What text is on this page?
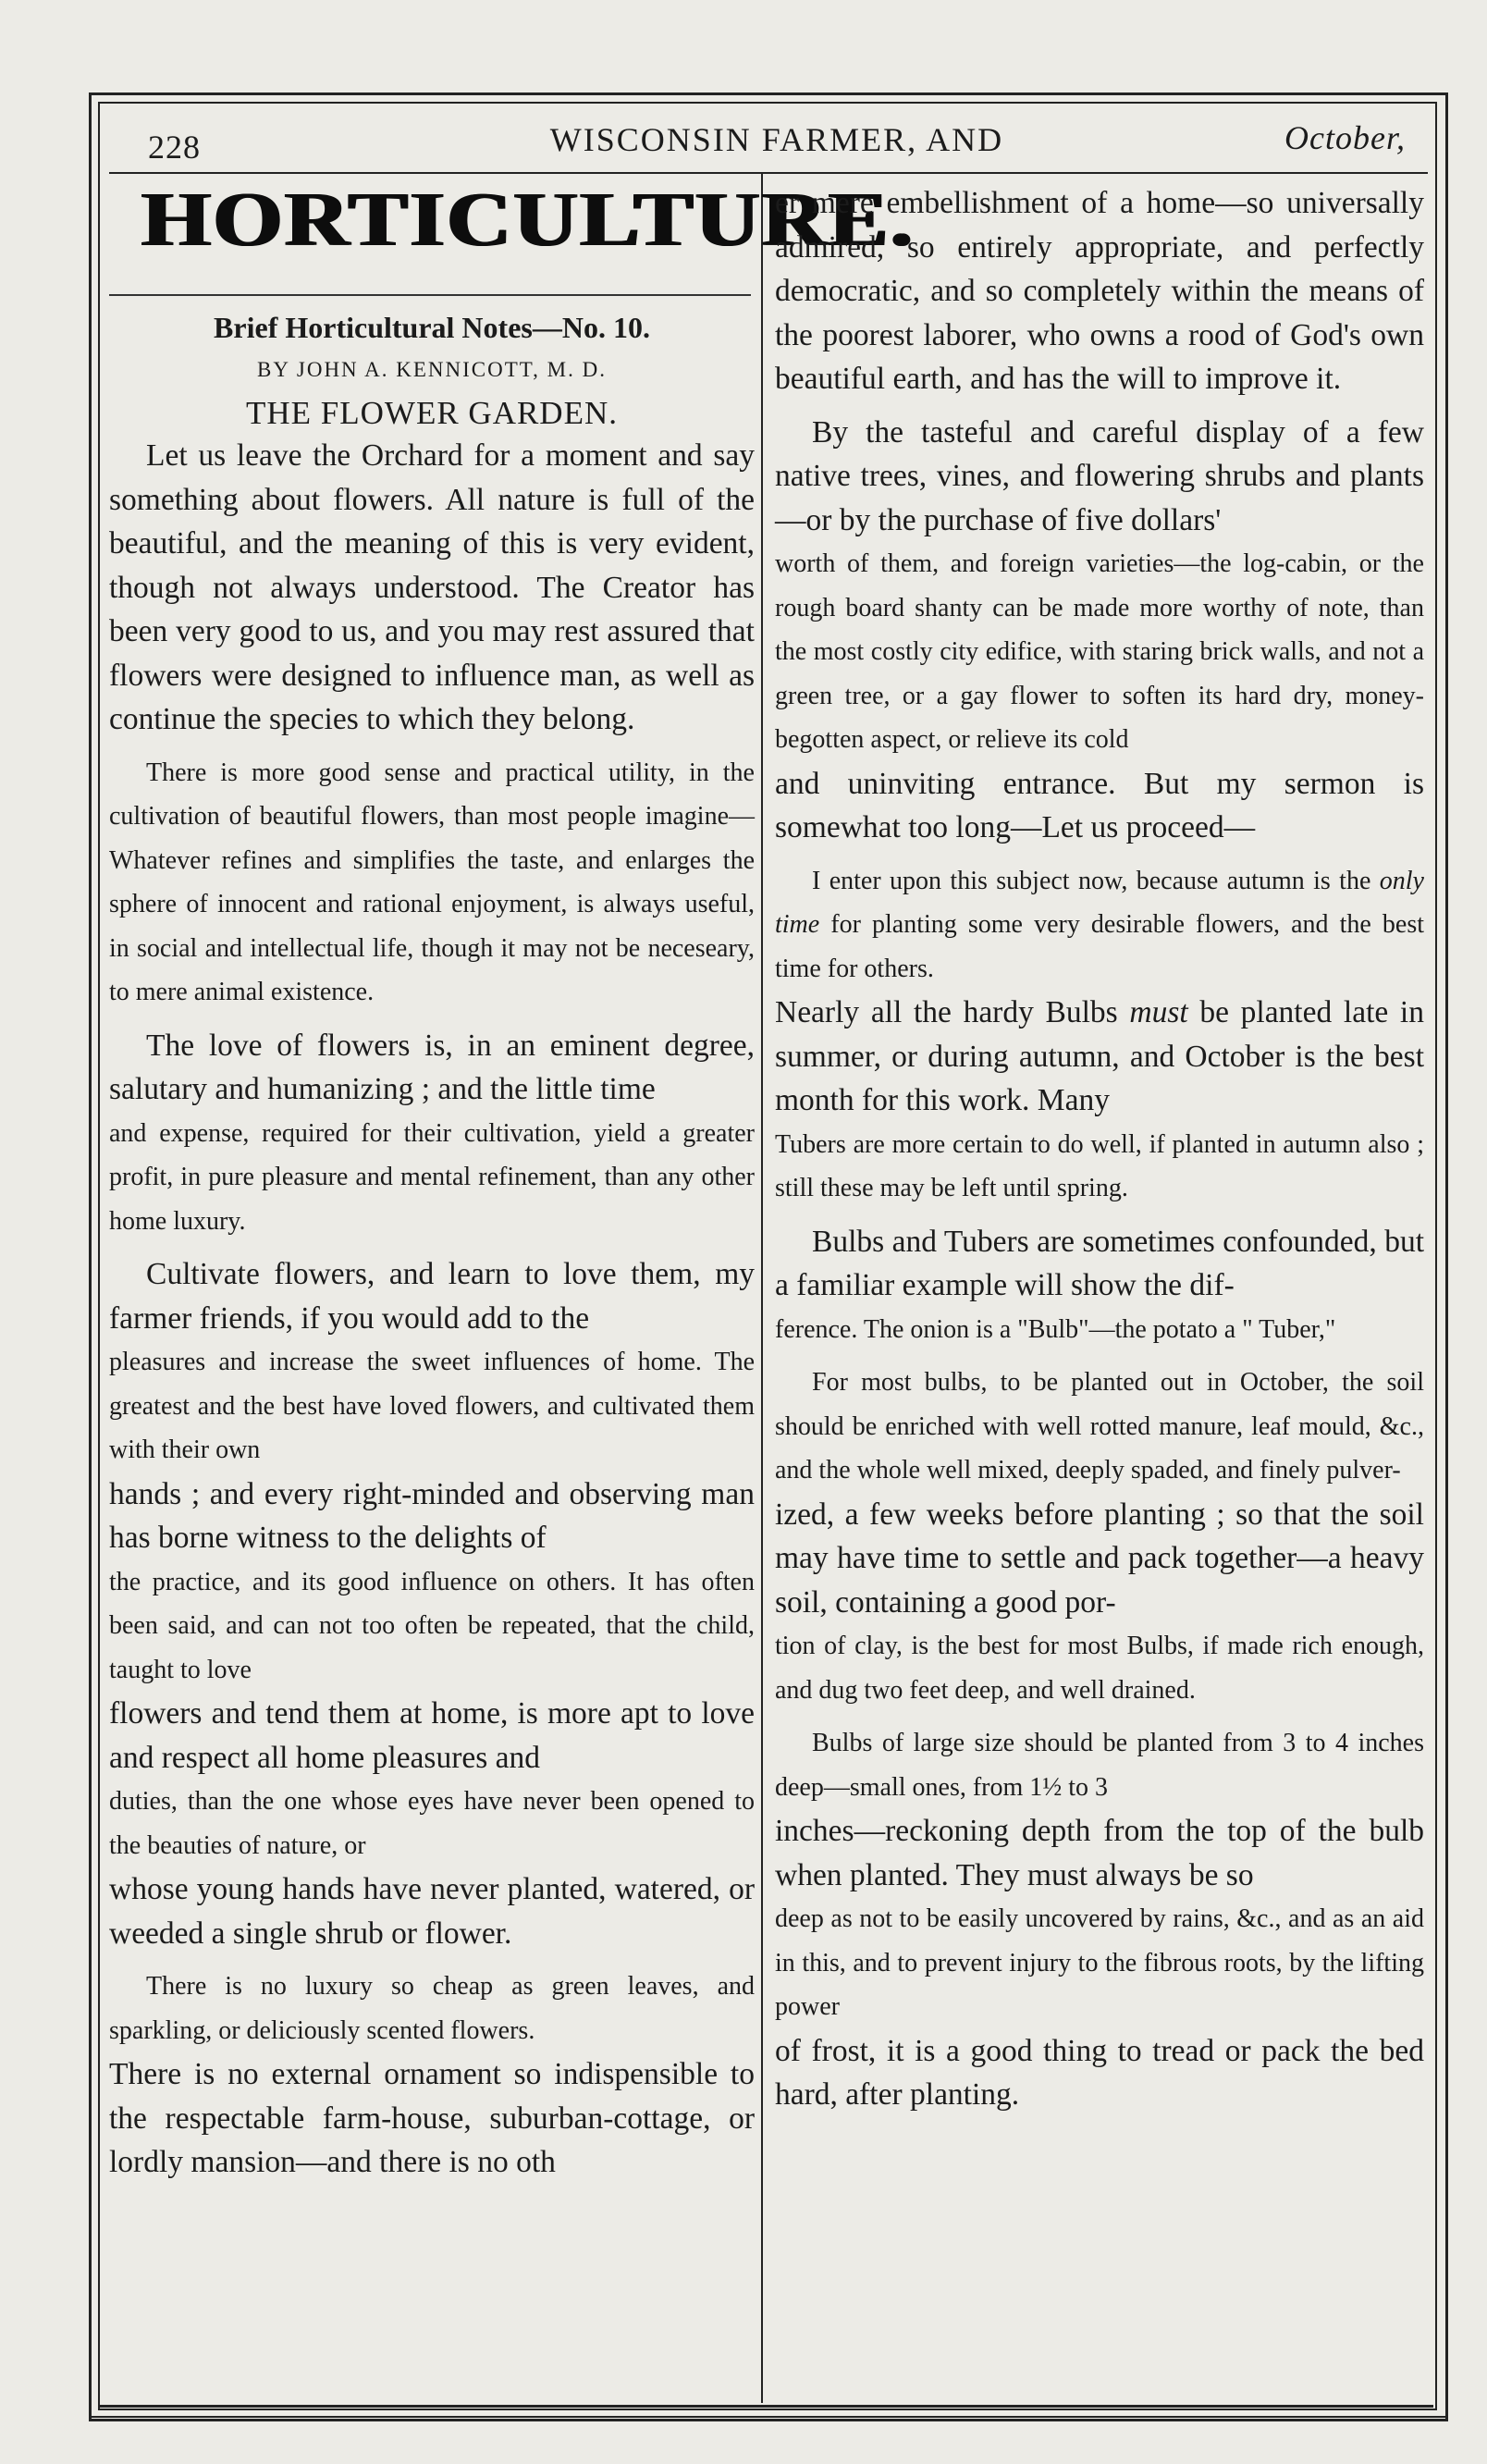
228	WISCONSIN FARMER, AND	October,
HORTICULTURE.
Brief Horticultural Notes—No. 10.
BY JOHN A. KENNICOTT, M. D.
THE FLOWER GARDEN.

Let us leave the Orchard for a moment and say something about flowers. All nature is full of the beautiful, and the meaning of this is very evident, though not always understood. The Creator has been very good to us, and you may rest assured that flowers were designed to influence man, as well as continue the species to which they belong.

There is more good sense and practical utility, in the cultivation of beautiful flowers, than most people imagine—Whatever refines and simplifies the taste, and enlarges the sphere of innocent and rational enjoyment, is always useful, in social and intellectual life, though it may not be neceseary, to mere animal existence.

The love of flowers is, in an eminent degree, salutary and humanizing ; and the little time

and expense, required for their cultivation, yield a greater profit, in pure pleasure and mental refinement, than any other home luxury.

Cultivate flowers, and learn to love them, my farmer friends, if you would add to the

pleasures and increase the sweet influences of home. The greatest and the best have loved flowers, and cultivated them with their own

hands ; and every right-minded and observing man has borne witness to the delights of

the practice, and its good influence on others. It has often been said, and can not too often be repeated, that the child, taught to love

flowers and tend them at home, is more apt to love and respect all home pleasures and

duties, than the one whose eyes have never been opened to the beauties of nature, or

whose young hands have never planted, watered, or weeded a single shrub or flower.

There is no luxury so cheap as green leaves, and sparkling, or deliciously scented flowers.

There is no external ornament so indispensible to the respectable farm-house, suburban-cottage, or lordly mansion—and there is no oth

er mere embellishment of a home—so universally admired, so entirely appropriate, and perfectly democratic, and so completely within the means of the poorest laborer, who owns a rood of God's own beautiful earth, and has the will to improve it.

By the tasteful and careful display of a few native trees, vines, and flowering shrubs and plants—or by the purchase of five dollars'

worth of them, and foreign varieties—the log-cabin, or the rough board shanty can be made more worthy of note, than the most costly city edifice, with staring brick walls, and not a green tree, or a gay flower to soften its hard dry, money-begotten aspect, or relieve its cold

and uninviting entrance. But my sermon is somewhat too long—Let us proceed—

I enter upon this subject now, because autumn is the only time for planting some very desirable flowers, and the best time for others.

Nearly all the hardy Bulbs must be planted late in summer, or during autumn, and October is the best month for this work. Many

Tubers are more certain to do well, if planted in autumn also ; still these may be left until spring.

Bulbs and Tubers are sometimes confounded, but a familiar example will show the dif-

ference. The onion is a "Bulb"—the potato a " Tuber,"

For most bulbs, to be planted out in October, the soil should be enriched with well rotted manure, leaf mould, &c., and the whole well mixed, deeply spaded, and finely pulver-

ized, a few weeks before planting ; so that the soil may have time to settle and pack together—a heavy soil, containing a good por-

tion of clay, is the best for most Bulbs, if made rich enough, and dug two feet deep, and well drained.

Bulbs of large size should be planted from 3 to 4 inches deep—small ones, from 1½ to 3

inches—reckoning depth from the top of the bulb when planted. They must always be so

deep as not to be easily uncovered by rains, &c., and as an aid in this, and to prevent injury to the fibrous roots, by the lifting power

of frost, it is a good thing to tread or pack the bed hard, after planting.
